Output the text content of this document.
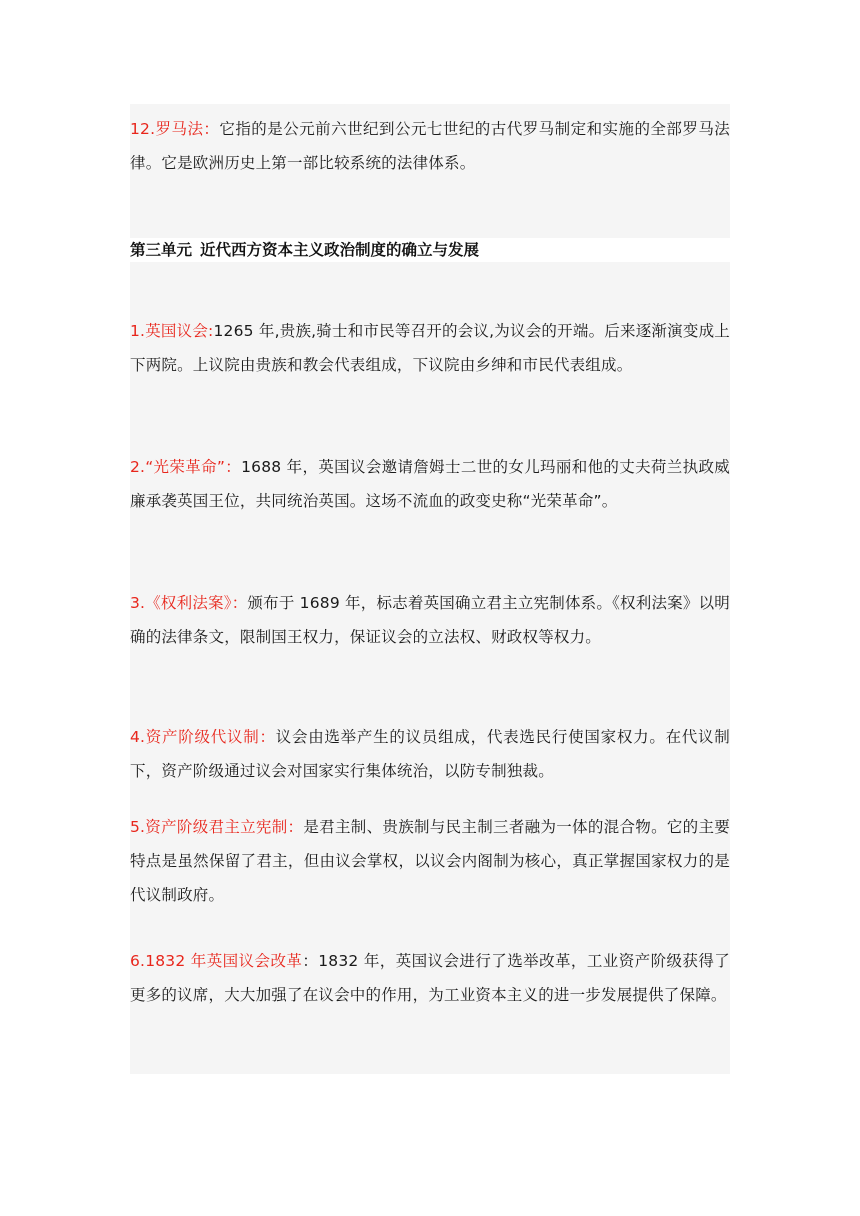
12.罗马法：它指的是公元前六世纪到公元七世纪的古代罗马制定和实施的全部罗马法律。它是欧洲历史上第一部比较系统的法律体系。

第三单元 近代西方资本主义政治制度的确立与发展

1.英国议会:1265 年,贵族,骑士和市民等召开的会议,为议会的开端。后来逐渐演变成上下两院。上议院由贵族和教会代表组成，下议院由乡绅和市民代表组成。

2.“光荣革命”：1688 年，英国议会邀请詹姆士二世的女儿玛丽和他的丈夫荷兰执政威廉承袭英国王位，共同统治英国。这场不流血的政变史称“光荣革命”。

3.《权利法案》：颁布于 1689 年，标志着英国确立君主立宪制体系。《权利法案》以明确的法律条文，限制国王权力，保证议会的立法权、财政权等权力。

4.资产阶级代议制：议会由选举产生的议员组成，代表选民行使国家权力。在代议制下，资产阶级通过议会对国家实行集体统治，以防专制独裁。

5.资产阶级君主立宪制：是君主制、贵族制与民主制三者融为一体的混合物。它的主要特点是虽然保留了君主，但由议会掌权，以议会内阁制为核心，真正掌握国家权力的是代议制政府。

6.1832 年英国议会改革：1832 年，英国议会进行了选举改革，工业资产阶级获得了更多的议席，大大加强了在议会中的作用，为工业资本主义的进一步发展提供了保障。
